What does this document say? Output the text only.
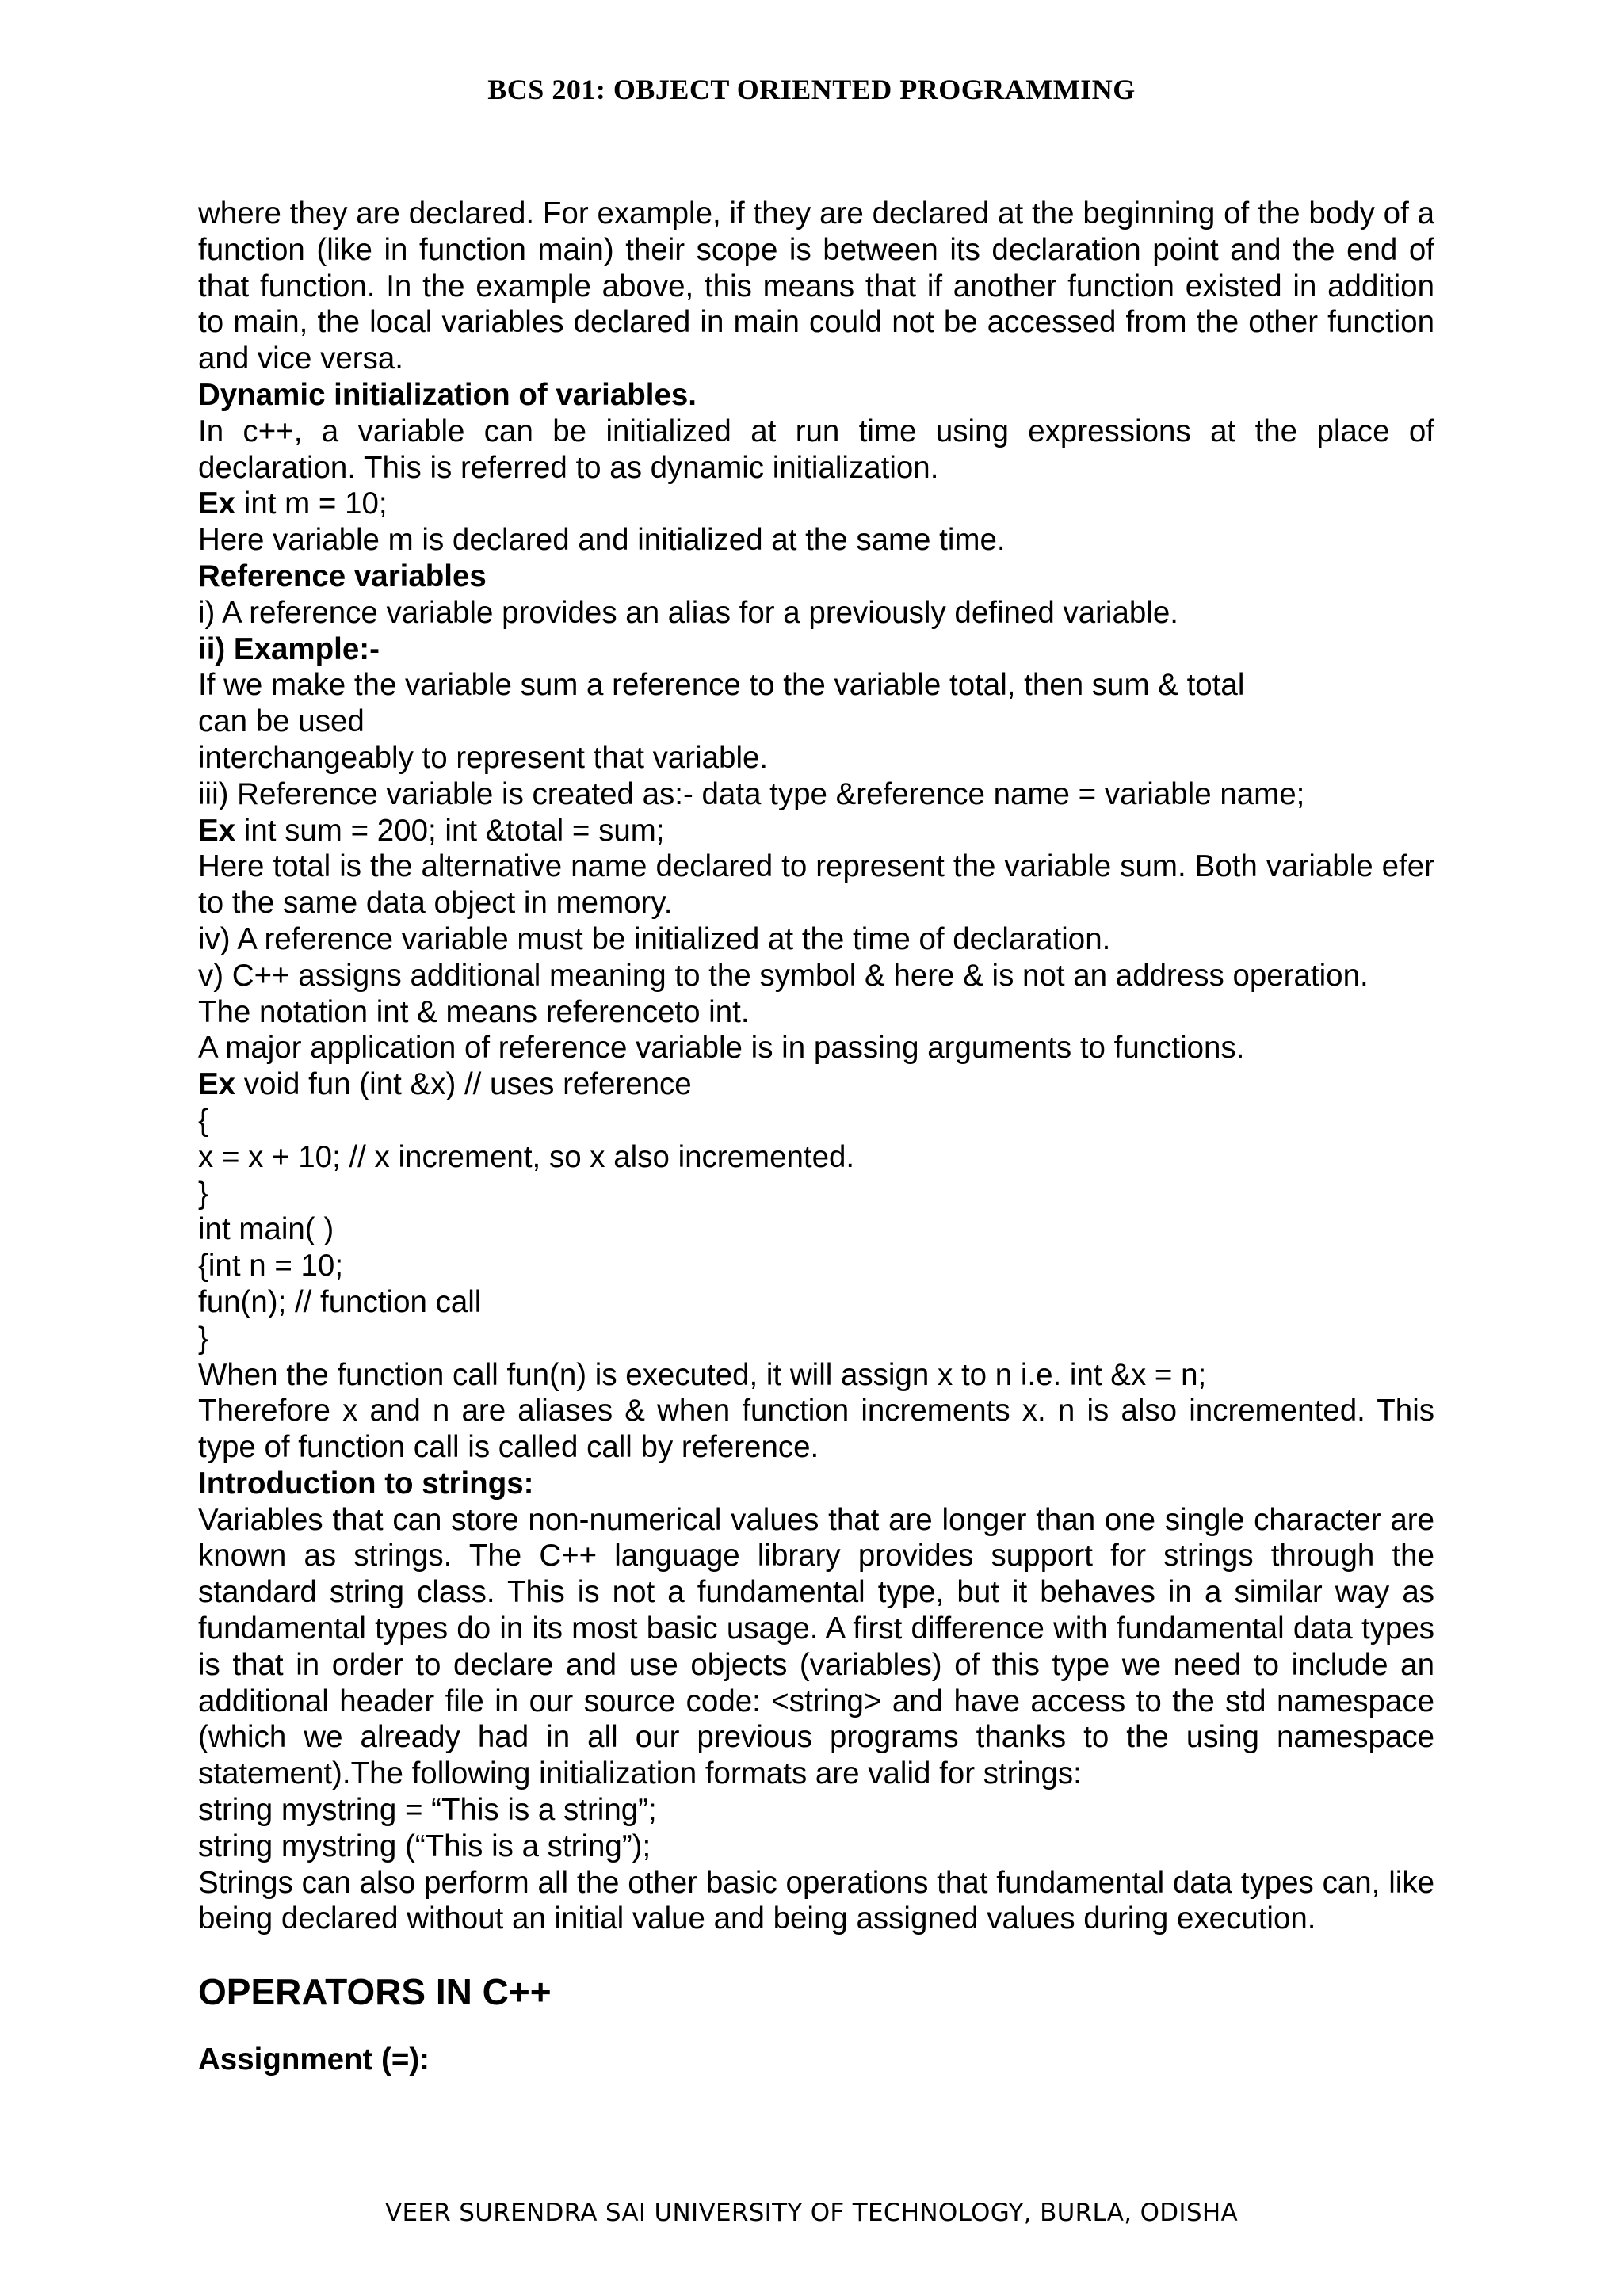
BCS 201: OBJECT ORIENTED PROGRAMMING

where they are declared. For example, if they are declared at the beginning of the body of a function (like in function main) their scope is between its declaration point and the end of that function. In the example above, this means that if another function existed in addition to main, the local variables declared in main could not be accessed from the other function and vice versa.

Dynamic initialization of variables.

In c++, a variable can be initialized at run time using expressions at the place of declaration. This is referred to as dynamic initialization.

Ex int m = 10;

Here variable m is declared and initialized at the same time.

Reference variables

i) A reference variable provides an alias for a previously defined variable.

ii) Example:-

If we make the variable sum a reference to the variable total, then sum & total can be used

interchangeably to represent that variable.

iii) Reference variable is created as:- data type &reference name = variable name;

Ex int sum = 200; int &total = sum;

Here total is the alternative name declared to represent the variable sum. Both variable efer to the same data object in memory.

iv) A reference variable must be initialized at the time of declaration.

v) C++ assigns additional meaning to the symbol & here & is not an address operation.

The notation int & means referenceto int.

A major application of reference variable is in passing arguments to functions.

Ex void fun (int &x) // uses reference

{

x = x + 10; // x increment, so x also incremented.

}

int main( )

{int n = 10;

fun(n); // function call

}

When the function call fun(n) is executed, it will assign x to n i.e. int &x = n;

Therefore x and n are aliases & when function increments x. n is also incremented. This type of function call is called call by reference.

Introduction to strings:

Variables that can store non-numerical values that are longer than one single character are known as strings. The C++ language library provides support for strings through the standard string class. This is not a fundamental type, but it behaves in a similar way as fundamental types do in its most basic usage. A first difference with fundamental data types is that in order to declare and use objects (variables) of this type we need to include an additional header file in our source code: <string> and have access to the std namespace (which we already had in all our previous programs thanks to the using namespace statement).The following initialization formats are valid for strings:

string mystring = “This is a string”;

string mystring (“This is a string”);

Strings can also perform all the other basic operations that fundamental data types can, like being declared without an initial value and being assigned values during execution.

OPERATORS IN C++

Assignment (=):

VEER SURENDRA SAI UNIVERSITY OF TECHNOLOGY, BURLA, ODISHA
